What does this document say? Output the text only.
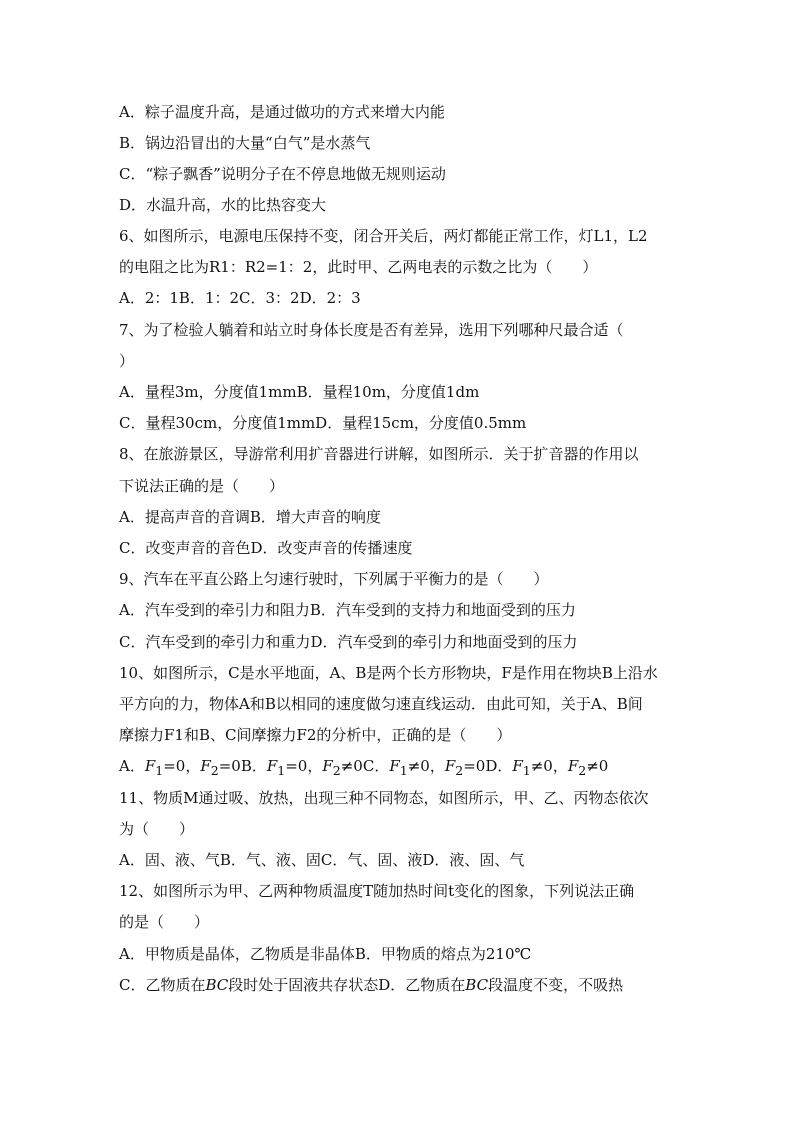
A．粽子温度升高，是通过做功的方式来增大内能
B．锅边沿冒出的大量“白气”是水蒸气
C．“粽子飘香”说明分子在不停息地做无规则运动
D．水温升高，水的比热容变大
6、如图所示，电源电压保持不变，闭合开关后，两灯都能正常工作，灯L1，L2
的电阻之比为R1：R2=1：2，此时甲、乙两电表的示数之比为（　　）
A．2：1B．1：2C．3：2D．2：3
7、为了检验人躺着和站立时身体长度是否有差异，选用下列哪种尺最合适（
）
A．量程3m，分度值1mmB．量程10m，分度值1dm
C．量程30cm，分度值1mmD．量程15cm，分度值0.5mm
8、在旅游景区，导游常利用扩音器进行讲解，如图所示．关于扩音器的作用以
下说法正确的是（　　）
A．提高声音的音调B．增大声音的响度
C．改变声音的音色D．改变声音的传播速度
9、汽车在平直公路上匀速行驶时，下列属于平衡力的是（　　）
A．汽车受到的牵引力和阻力B．汽车受到的支持力和地面受到的压力
C．汽车受到的牵引力和重力D．汽车受到的牵引力和地面受到的压力
10、如图所示，C是水平地面，A、B是两个长方形物块，F是作用在物块B上沿水
平方向的力，物体A和B以相同的速度做匀速直线运动．由此可知，关于A、B间
摩擦力F1和B、C间摩擦力F2的分析中，正确的是（　　）
A．$F_1=0$，$F_2=0B$．$F_1=0$，$F_2\ne 0C$．$F_1\ne 0$，$F_2=0D$．$F_1\ne 0$，$F_2\ne 0$
11、物质M通过吸、放热，出现三种不同物态，如图所示，甲、乙、丙物态依次
为（　　）
A．固、液、气B．气、液、固C．气、固、液D．液、固、气
12、如图所示为甲、乙两种物质温度T随加热时间t变化的图象，下列说法正确
的是（　　）
A．甲物质是晶体，乙物质是非晶体B．甲物质的熔点为210℃
C．乙物质在BC段时处于固液共存状态D．乙物质在BC段温度不变，不吸热
